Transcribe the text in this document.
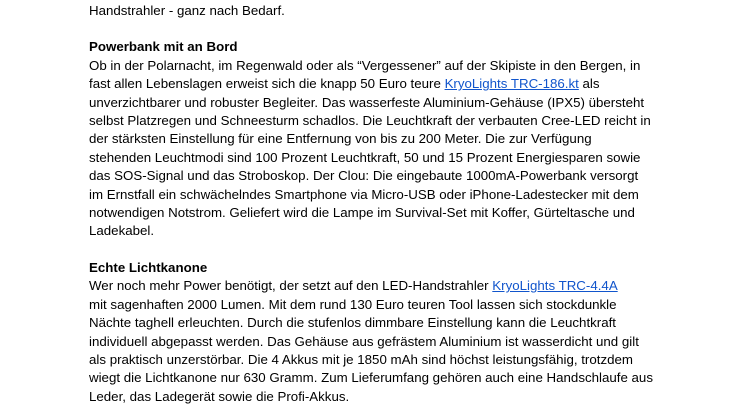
Handstrahler - ganz nach Bedarf.
Powerbank mit an Bord
Ob in der Polarnacht, im Regenwald oder als “Vergessener” auf der Skipiste in den Bergen, in
fast allen Lebenslagen erweist sich die knapp 50 Euro teure KryoLights TRC-186.kt als
unverzichtbarer und robuster Begleiter. Das wasserfeste Aluminium-Gehäuse (IPX5) übersteht
selbst Platzregen und Schneesturm schadlos. Die Leuchtkraft der verbauten Cree-LED reicht in
der stärksten Einstellung für eine Entfernung von bis zu 200 Meter. Die zur Verfügung
stehenden Leuchtmodi sind 100 Prozent Leuchtkraft, 50 und 15 Prozent Energiesparen sowie
das SOS-Signal und das Stroboskop. Der Clou: Die eingebaute 1000mA-Powerbank versorgt
im Ernstfall ein schwächelndes Smartphone via Micro-USB oder iPhone-Ladestecker mit dem
notwendigen Notstrom. Geliefert wird die Lampe im Survival-Set mit Koffer, Gürteltasche und
Ladekabel.
Echte Lichtkanone
Wer noch mehr Power benötigt, der setzt auf den LED-Handstrahler KryoLights TRC-4.4A
mit sagenhaften 2000 Lumen. Mit dem rund 130 Euro teuren Tool lassen sich stockdunkle
Nächte taghell erleuchten. Durch die stufenlos dimmbare Einstellung kann die Leuchtkraft
individuell abgepasst werden. Das Gehäuse aus gefrästem Aluminium ist wasserdicht und gilt
als praktisch unzerstörbar. Die 4 Akkus mit je 1850 mAh sind höchst leistungsfähig, trotzdem
wiegt die Lichtkanone nur 630 Gramm. Zum Lieferumfang gehören auch eine Handschlaufe aus
Leder, das Ladegerät sowie die Profi-Akkus.
